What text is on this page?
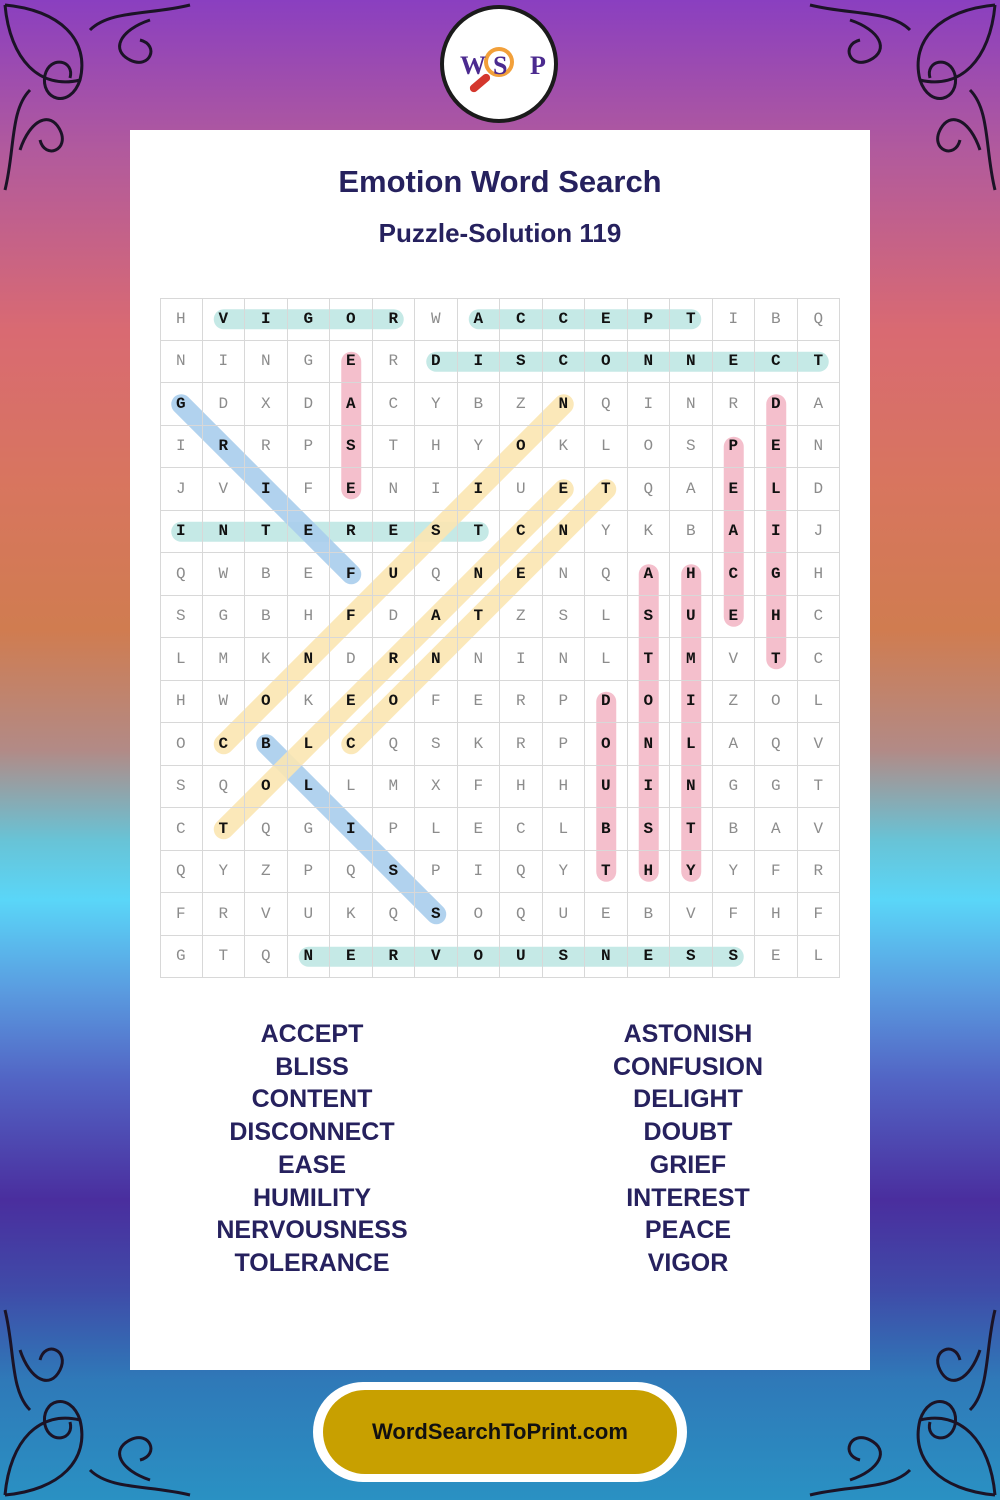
W S P
Emotion Word Search
Puzzle-Solution 119
H	V	I	G	O	R	W	A	C	C	E	P	T	I	B	Q
N	I	N	G	E	R	D	I	S	C	O	N	N	E	C	T
G	D	X	D	A	C	Y	B	Z	N	Q	I	N	R	D	A
I	R	R	P	S	T	H	Y	O	K	L	O	S	P	E	N
J	V	I	F	E	N	I	I	U	E	T	Q	A	E	L	D
I	N	T	E	R	E	S	T	C	N	Y	K	B	A	I	J
Q	W	B	E	F	U	Q	N	E	N	Q	A	H	C	G	H
S	G	B	H	F	D	A	T	Z	S	L	S	U	E	H	C
L	M	K	N	D	R	N	N	I	N	L	T	M	V	T	C
H	W	O	K	E	O	F	E	R	P	D	O	I	Z	O	L
O	C	B	L	C	Q	S	K	R	P	O	N	L	A	Q	V
S	Q	O	L	L	M	X	F	H	H	U	I	N	G	G	T
C	T	Q	G	I	P	L	E	C	L	B	S	T	B	A	V
Q	Y	Z	P	Q	S	P	I	Q	Y	T	H	Y	Y	F	R
F	R	V	U	K	Q	S	O	Q	U	E	B	V	F	H	F
G	T	Q	N	E	R	V	O	U	S	N	E	S	S	E	L
ACCEPT
BLISS
CONTENT
DISCONNECT
EASE
HUMILITY
NERVOUSNESS
TOLERANCE
ASTONISH
CONFUSION
DELIGHT
DOUBT
GRIEF
INTEREST
PEACE
VIGOR
WordSearchToPrint.com
